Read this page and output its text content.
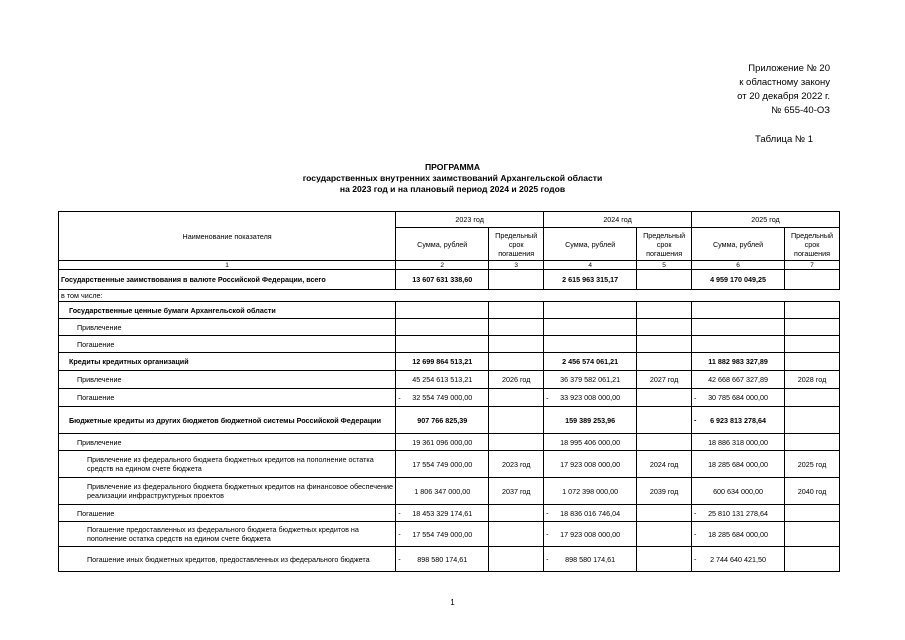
Приложение № 20
к областному закону
от 20 декабря 2022 г.
№ 655-40-ОЗ
Таблица № 1
ПРОГРАММА
государственных внутренних заимствований Архангельской области
на 2023 год и на плановый период 2024 и 2025 годов
Наименование показателя	2023 год		2024 год		2025 год	
	Сумма, рублей	Предельный срок погашения	Сумма, рублей	Предельный срок погашения	Сумма, рублей	Предельный срок погашения
1	2	3	4	5	6	7
Государственные заимствования в валюте Российской Федерации, всего	13 607 631 338,60		2 615 963 315,17		4 959 170 049,25	
в том числе:						
Государственные ценные бумаги Архангельской области						
Привлечение						
Погашение						
Кредиты кредитных организаций	12 699 864 513,21		2 456 574 061,21		11 882 983 327,89	
Привлечение	45 254 613 513,21	2026 год	36 379 582 061,21	2027 год	42 668 667 327,89	2028 год
Погашение	- 32 554 749 000,00		- 33 923 008 000,00		- 30 785 684 000,00	
Бюджетные кредиты из других бюджетов бюджетной системы Российской Федерации	907 766 825,39		159 389 253,96		- 6 923 813 278,64	
Привлечение	19 361 096 000,00		18 995 406 000,00		18 886 318 000,00	
Привлечение из федерального бюджета бюджетных кредитов на пополнение остатка средств на едином счете бюджета	17 554 749 000,00	2023 год	17 923 008 000,00	2024 год	18 285 684 000,00	2025 год
Привлечение из федерального бюджета бюджетных кредитов на финансовое обеспечение реализации инфраструктурных проектов	1 806 347 000,00	2037 год	1 072 398 000,00	2039 год	600 634 000,00	2040 год
Погашение	- 18 453 329 174,61		- 18 836 016 746,04		- 25 810 131 278,64	
Погашение предоставленных из федерального бюджета бюджетных кредитов на пополнение остатка средств на едином счете бюджета	- 17 554 749 000,00		- 17 923 008 000,00		- 18 285 684 000,00	
Погашение иных бюджетных кредитов, предоставленных из федерального бюджета	- 898 580 174,61		- 898 580 174,61		- 2 744 640 421,50	
1
